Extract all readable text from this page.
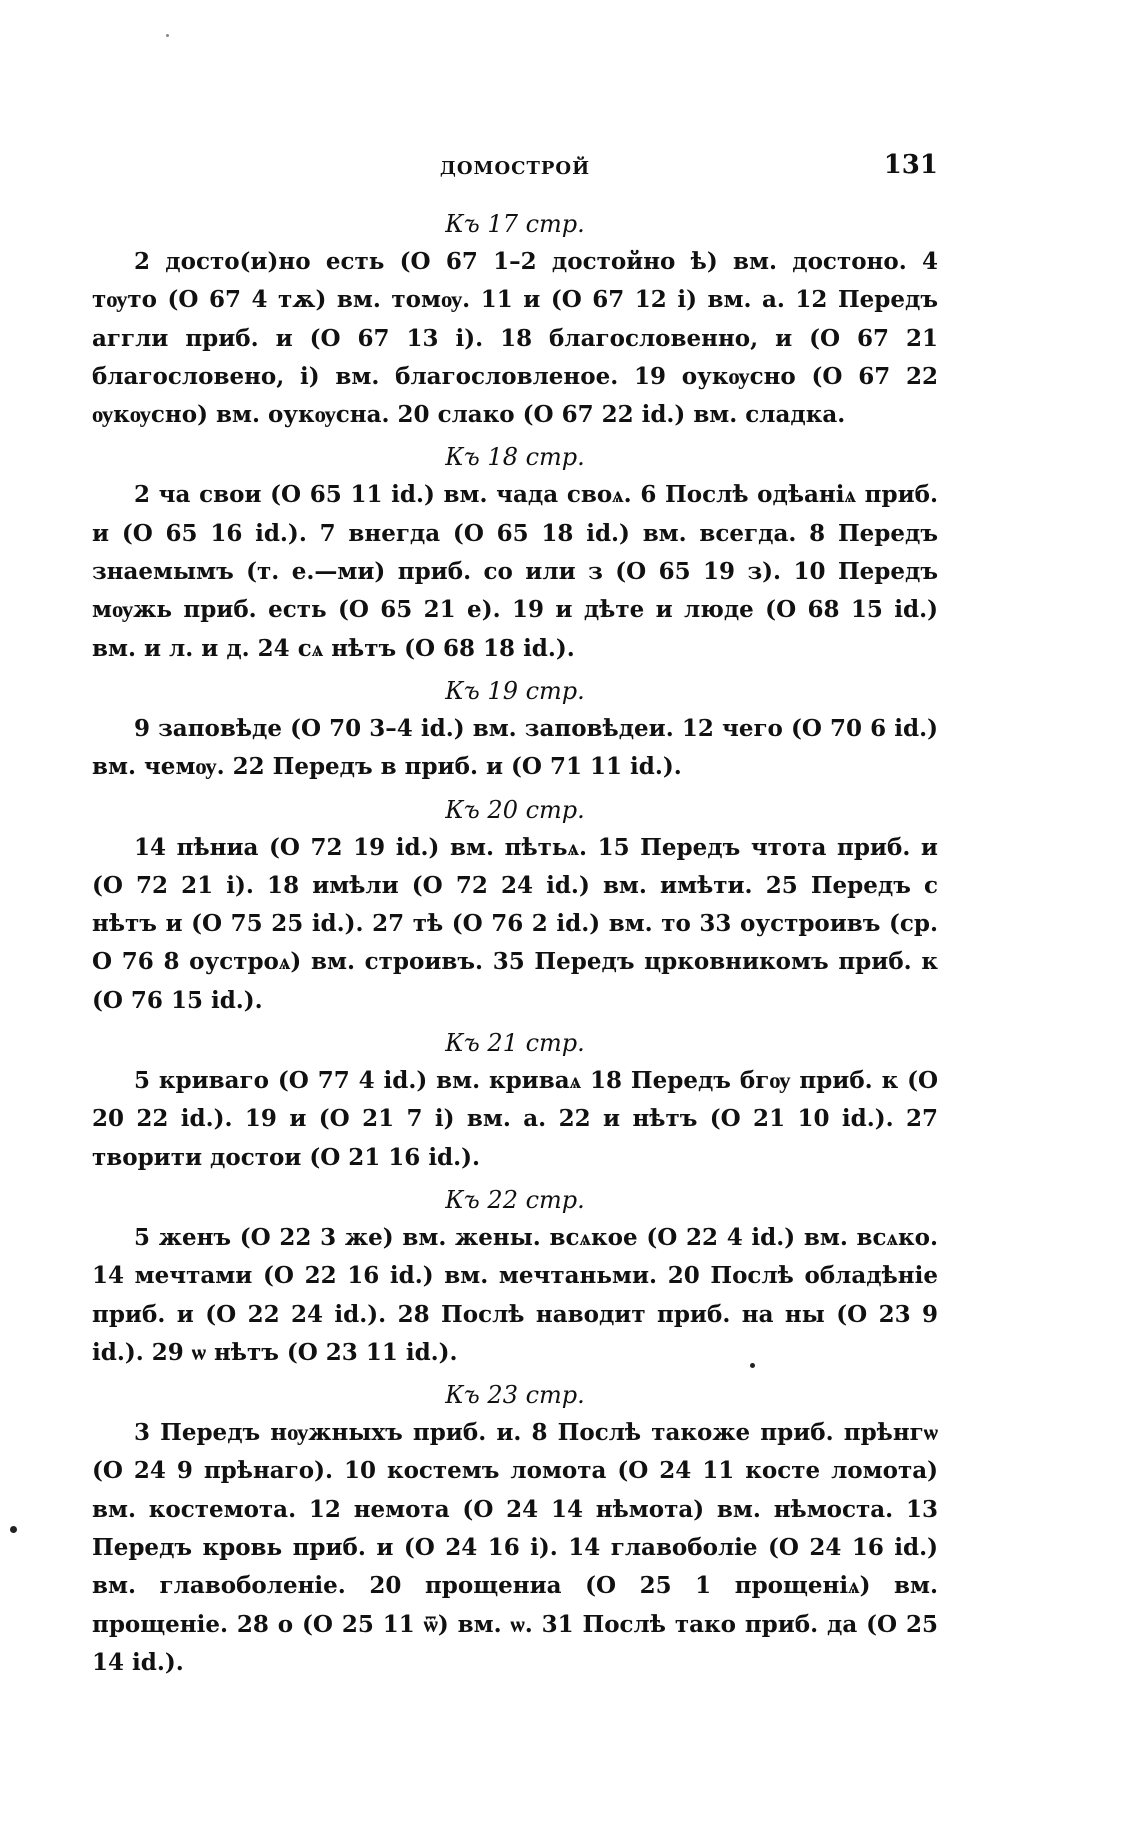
ДОМОСТРОЙ	131
Къ 17 стр.

2 досто(и)но есть (О 67 1–2 достойно ѣ) вм. достоно. 4 тѹто (О 67 4 тѫ) вм. томѹ. 11 и (О 67 12 і) вм. а. 12 Передъ аггли приб. и (О 67 13 і). 18 благословенно, и (О 67 21 благословено, і) вм. благословленое. 19 оукѹсно (О 67 22 ѹкѹсно) вм. оукѹсна. 20 слако (О 67 22 id.) вм. сладка.

Къ 18 стр.

2 ча свои (О 65 11 id.) вм. чада своѧ. 6 Послѣ одѣаніѧ приб. и (О 65 16 id.). 7 внегда (О 65 18 id.) вм. всегда. 8 Передъ знаемымъ (т. е.—ми) приб. со или з (О 65 19 з). 10 Передъ мѹжь приб. есть (О 65 21 е). 19 и дѣте и люде (О 68 15 id.) вм. и л. и д. 24 сѧ нѣтъ (О 68 18 id.).

Къ 19 стр.

9 заповѣде (О 70 3–4 id.) вм. заповѣдеи. 12 чего (О 70 6 id.) вм. чемѹ. 22 Передъ в приб. и (О 71 11 id.).

Къ 20 стр.

14 пѣниа (О 72 19 id.) вм. пѣтьѧ. 15 Передъ чтота приб. и (О 72 21 і). 18 имѣли (О 72 24 id.) вм. имѣти. 25 Передъ с нѣтъ и (О 75 25 id.). 27 тѣ (О 76 2 id.) вм. то 33 оустроивъ (ср. О 76 8 оустроѧ) вм. строивъ. 35 Передъ црковникомъ приб. к (О 76 15 id.).

Къ 21 стр.

5 криваго (О 77 4 id.) вм. криваѧ 18 Передъ бгѹ приб. к (О 20 22 id.). 19 и (О 21 7 і) вм. а. 22 и нѣтъ (О 21 10 id.). 27 творити достои (О 21 16 id.).

Къ 22 стр.

5 женъ (О 22 3 же) вм. жены. всѧкое (О 22 4 id.) вм. всѧко. 14 мечтами (О 22 16 id.) вм. мечтаньми. 20 Послѣ обладѣніе приб. и (О 22 24 id.). 28 Послѣ наводит приб. на ны (О 23 9 id.). 29 ѡ нѣтъ (О 23 11 id.).

Къ 23 стр.

3 Передъ нѹжныхъ приб. и. 8 Послѣ такоже приб. прѣнгѡ (О 24 9 прѣнаго). 10 костемъ ломота (О 24 11 косте ломота) вм. костемота. 12 немота (О 24 14 нѣмота) вм. нѣмоста. 13 Передъ кровь приб. и (О 24 16 і). 14 главоболіе (О 24 16 id.) вм. главоболеніе. 20 прощениа (О 25 1 прощеніѧ) вм. прощеніе. 28 о (О 25 11 ѿ) вм. ѡ. 31 Послѣ тако приб. да (О 25 14 id.).
